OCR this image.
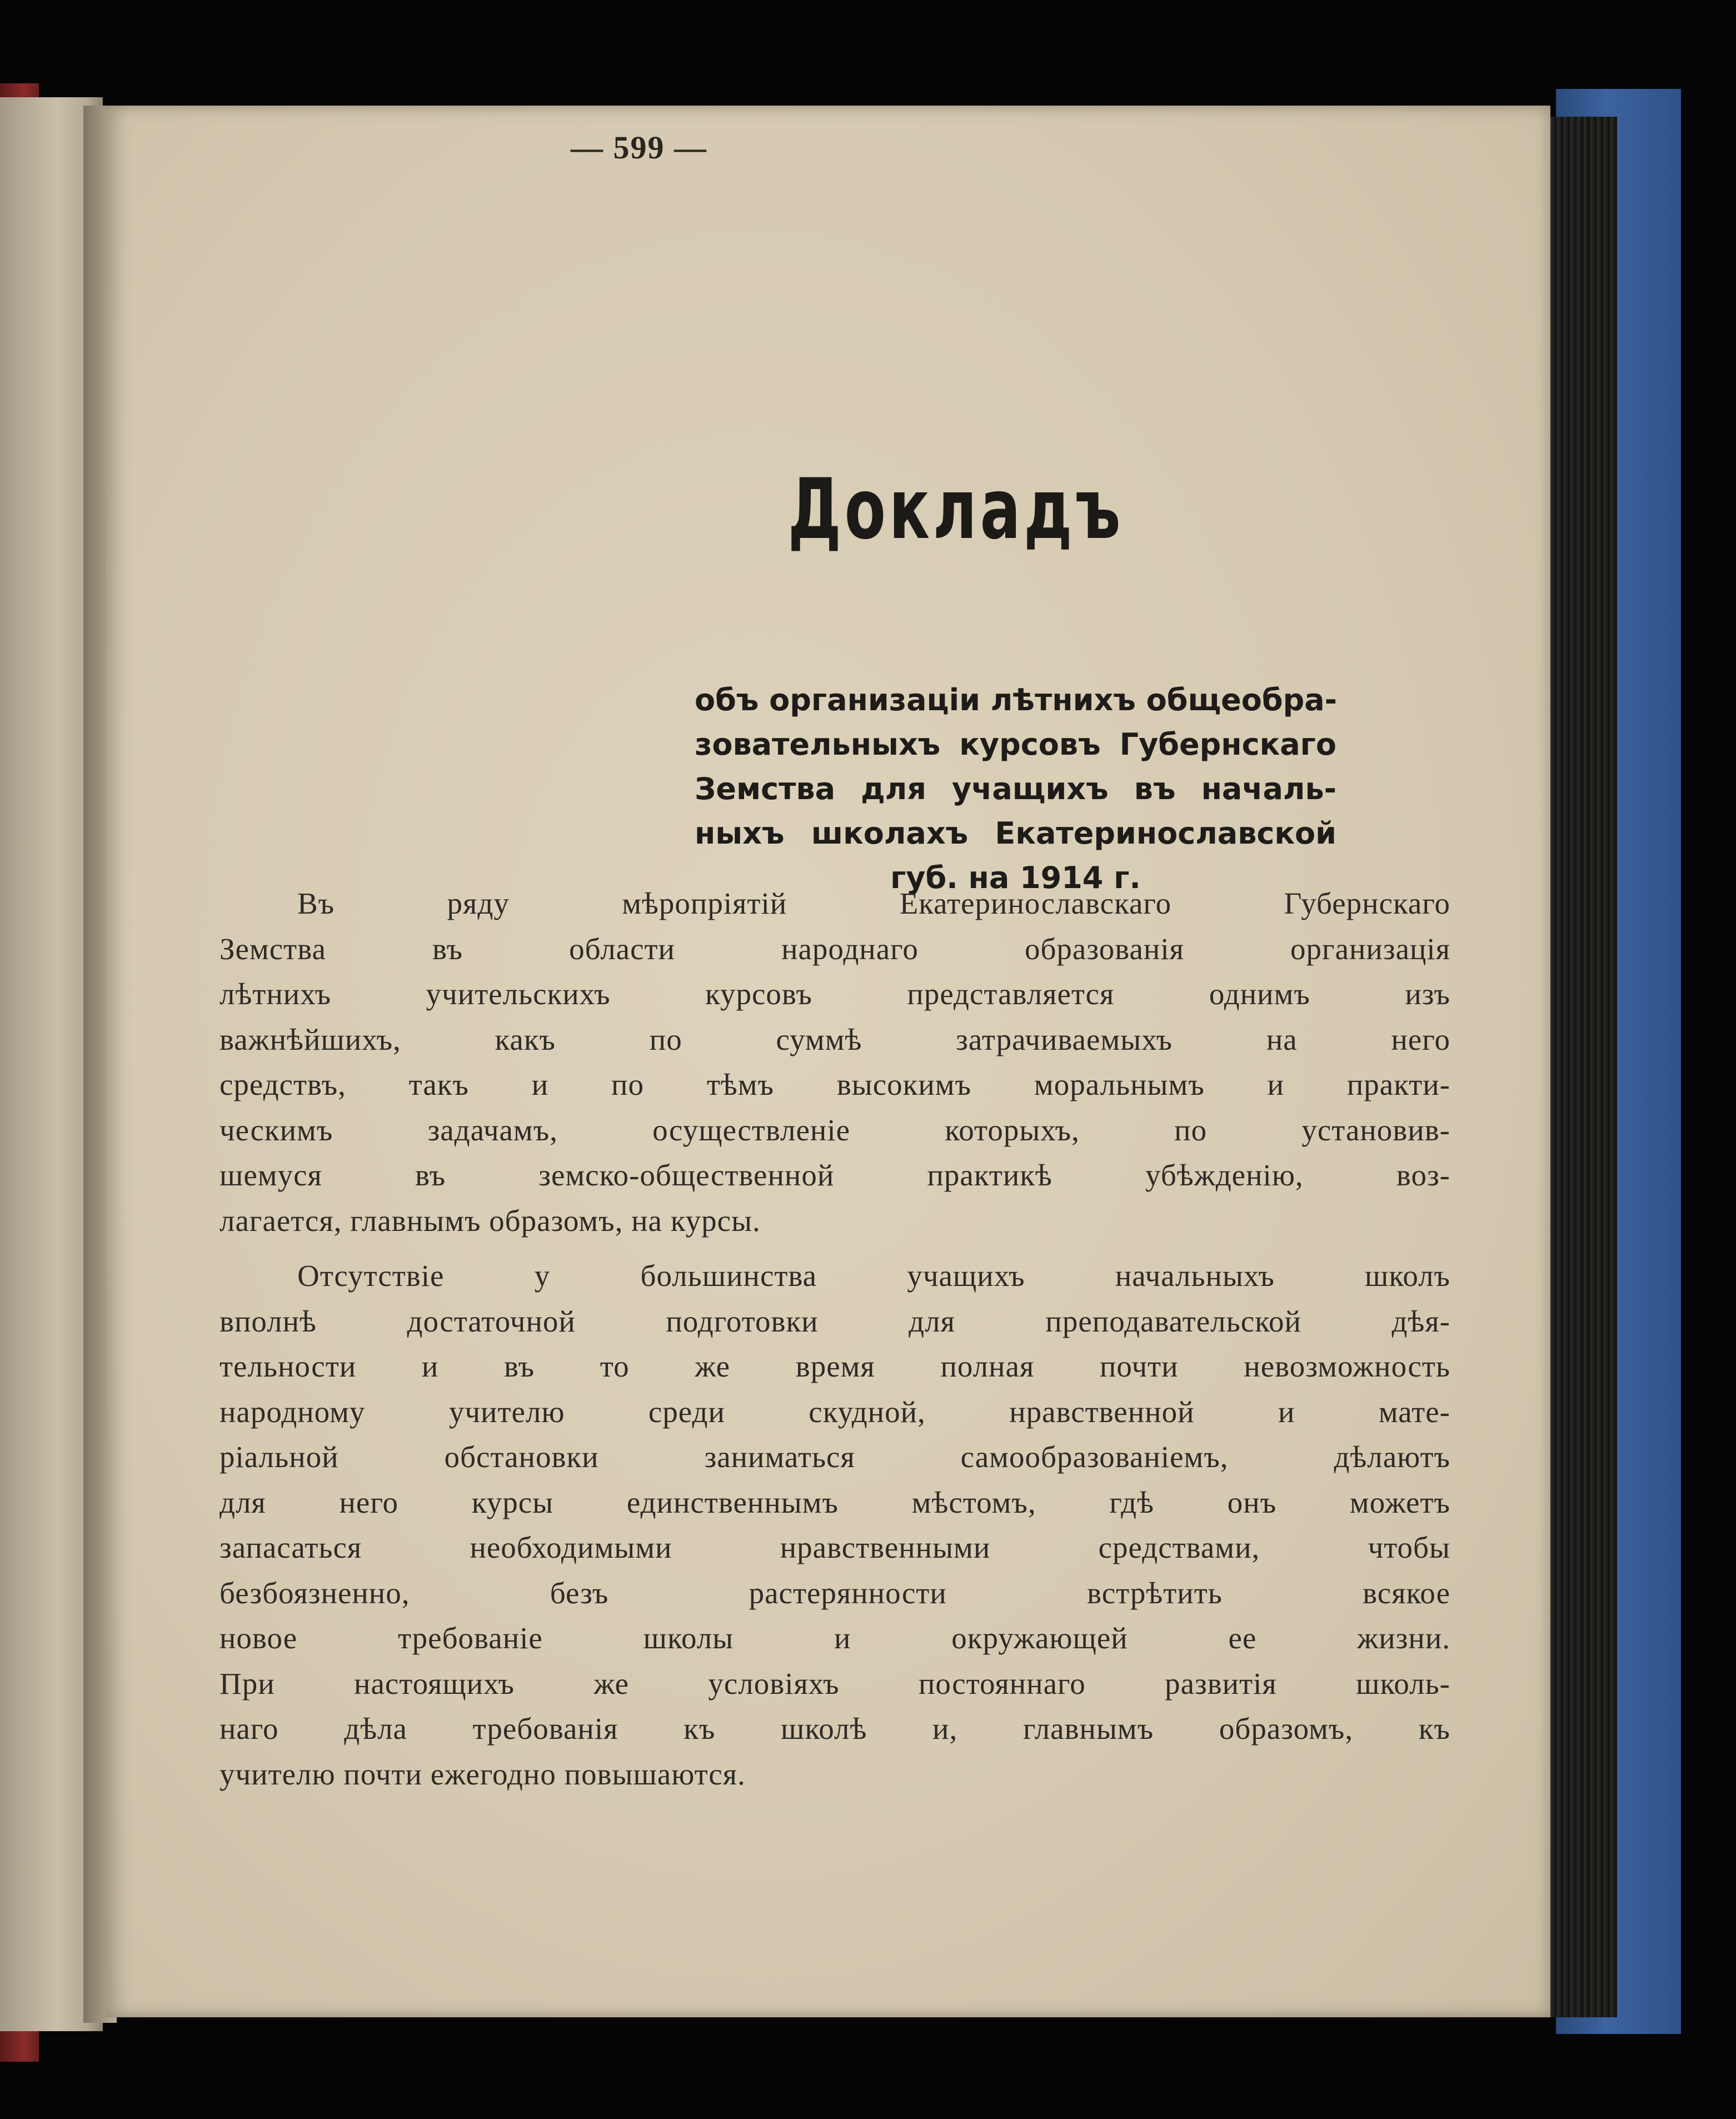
— 599 —
Докладъ
объ организаціи лѣтнихъ общеобра-
зовательныхъ курсовъ Губернскаго
Земства для учащихъ въ началь-
ныхъ школахъ Екатеринославской
губ. на 1914 г.
Въ ряду мѣропріятій Екатеринославскаго Губернскаго
Земства въ области народнаго образованія организація
лѣтнихъ учительскихъ курсовъ представляется однимъ изъ
важнѣйшихъ, какъ по суммѣ затрачиваемыхъ на него
средствъ, такъ и по тѣмъ высокимъ моральнымъ и практи-
ческимъ задачамъ, осуществленіе которыхъ, по установив-
шемуся въ земско-общественной практикѣ убѣжденію, воз-
лагается, главнымъ образомъ, на курсы.
Отсутствіе у большинства учащихъ начальныхъ школъ
вполнѣ достаточной подготовки для преподавательской дѣя-
тельности и въ то же время полная почти невозможность
народному учителю среди скудной, нравственной и мате-
ріальной обстановки заниматься самообразованіемъ, дѣлаютъ
для него курсы единственнымъ мѣстомъ, гдѣ онъ можетъ
запасаться необходимыми нравственными средствами, чтобы
безбоязненно, безъ растерянности встрѣтить всякое
новое требованіе школы и окружающей ее жизни.
При настоящихъ же условіяхъ постояннаго развитія школь-
наго дѣла требованія къ школѣ и, главнымъ образомъ, къ
учителю почти ежегодно повышаются.
